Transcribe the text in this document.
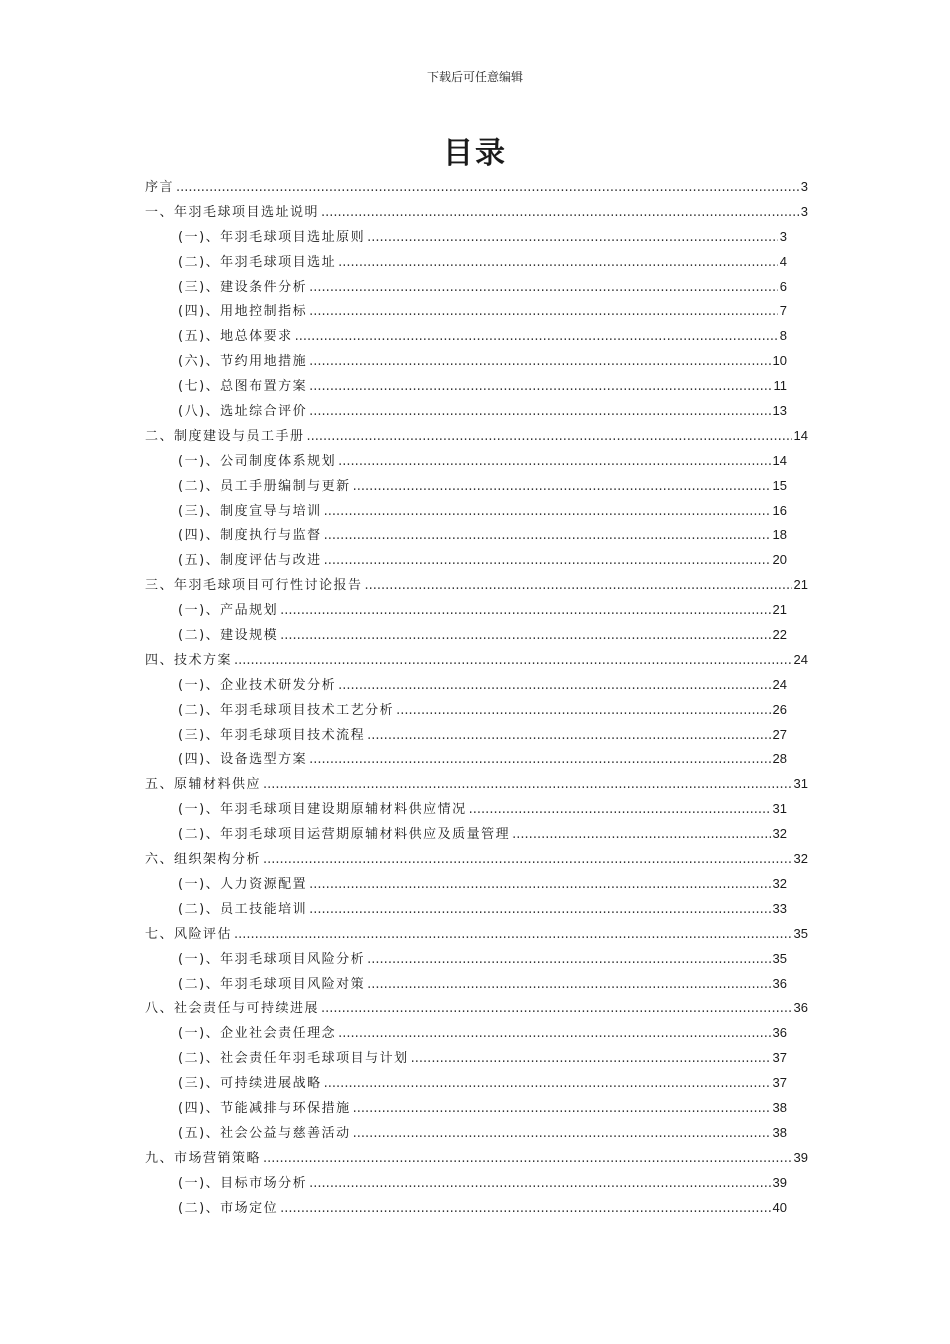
下载后可任意编辑
目录
序言 .....	3
一、年羽毛球项目选址说明 .....	3
(一)、年羽毛球项目选址原则 .....	3
(二)、年羽毛球项目选址 .....	4
(三)、建设条件分析 .....	6
(四)、用地控制指标 .....	7
(五)、地总体要求 .....	8
(六)、节约用地措施 .....	10
(七)、总图布置方案 .....	11
(八)、选址综合评价 .....	13
二、制度建设与员工手册 .....	14
(一)、公司制度体系规划 .....	14
(二)、员工手册编制与更新 .....	15
(三)、制度宣导与培训 .....	16
(四)、制度执行与监督 .....	18
(五)、制度评估与改进 .....	20
三、年羽毛球项目可行性讨论报告 .....	21
(一)、产品规划 .....	21
(二)、建设规模 .....	22
四、技术方案 .....	24
(一)、企业技术研发分析 .....	24
(二)、年羽毛球项目技术工艺分析 .....	26
(三)、年羽毛球项目技术流程 .....	27
(四)、设备选型方案 .....	28
五、原辅材料供应 .....	31
(一)、年羽毛球项目建设期原辅材料供应情况 .....	31
(二)、年羽毛球项目运营期原辅材料供应及质量管理 .....	32
六、组织架构分析 .....	32
(一)、人力资源配置 .....	32
(二)、员工技能培训 .....	33
七、风险评估 .....	35
(一)、年羽毛球项目风险分析 .....	35
(二)、年羽毛球项目风险对策 .....	36
八、社会责任与可持续进展 .....	36
(一)、企业社会责任理念 .....	36
(二)、社会责任年羽毛球项目与计划 .....	37
(三)、可持续进展战略 .....	37
(四)、节能减排与环保措施 .....	38
(五)、社会公益与慈善活动 .....	38
九、市场营销策略 .....	39
(一)、目标市场分析 .....	39
(二)、市场定位 .....	40
